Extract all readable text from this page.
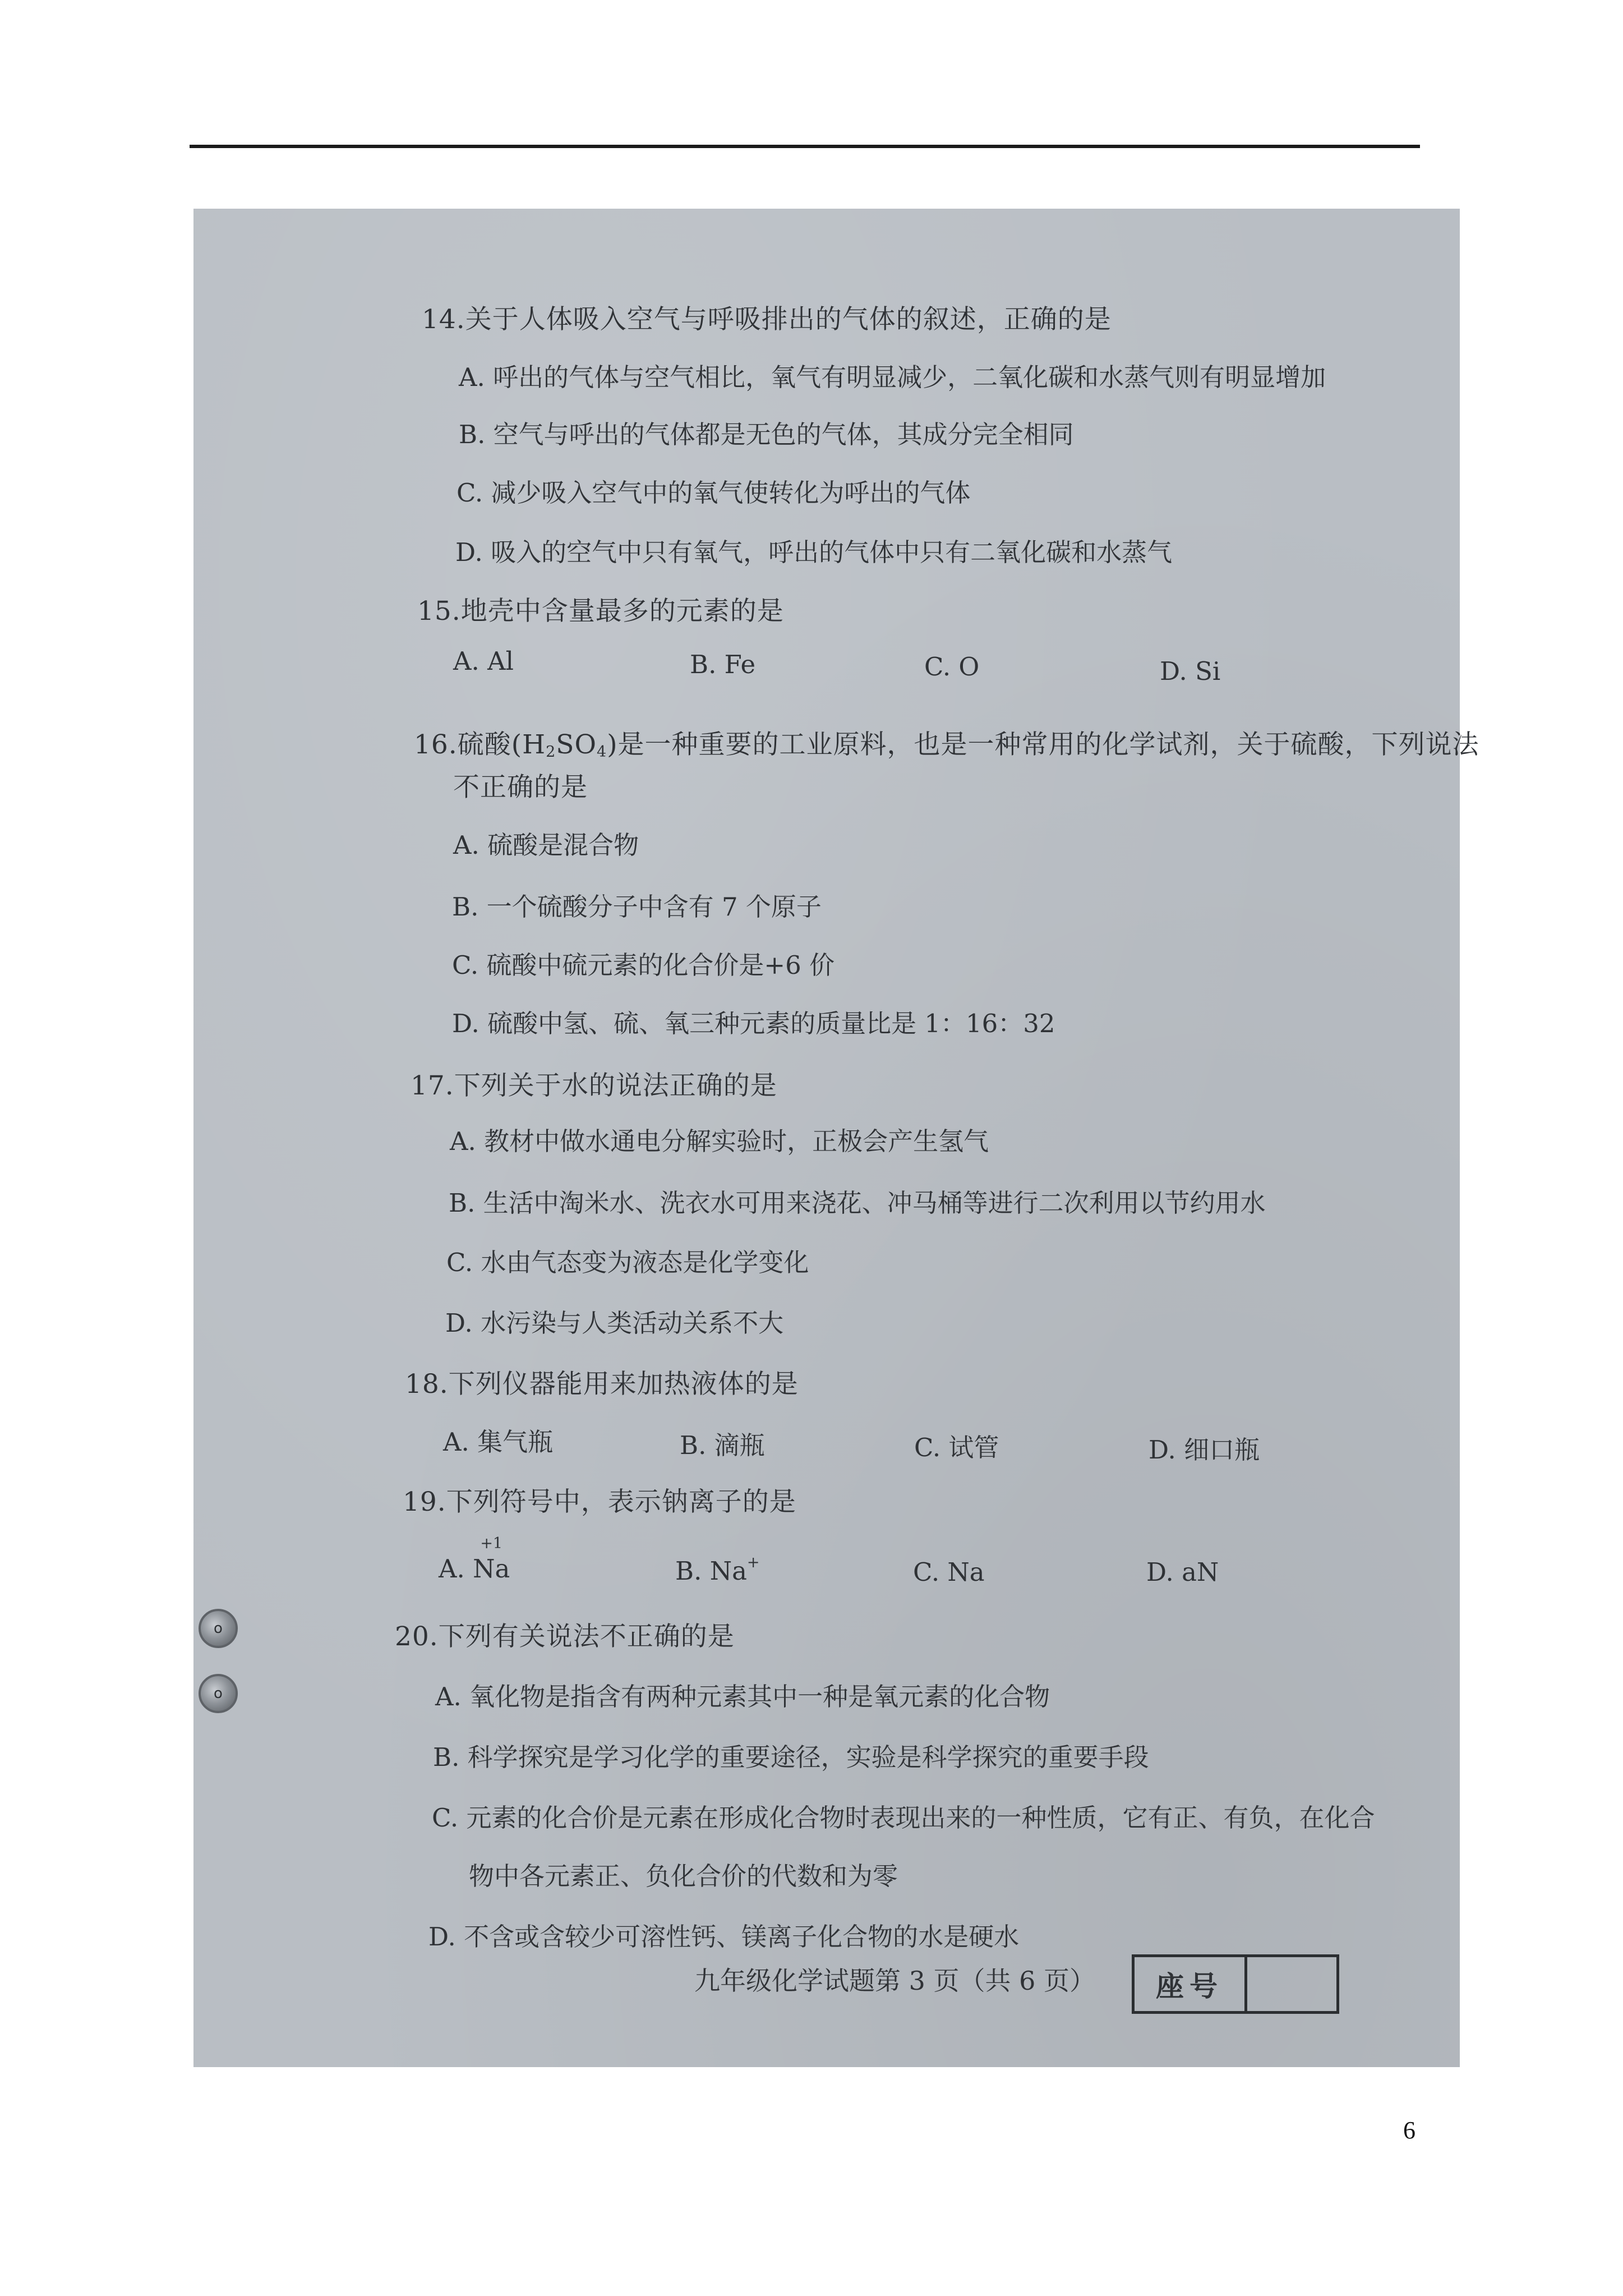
14.关于人体吸入空气与呼吸排出的气体的叙述，正确的是
A. 呼出的气体与空气相比，氧气有明显减少，二氧化碳和水蒸气则有明显增加
B. 空气与呼出的气体都是无色的气体，其成分完全相同
C. 减少吸入空气中的氧气使转化为呼出的气体
D. 吸入的空气中只有氧气，呼出的气体中只有二氧化碳和水蒸气
15.地壳中含量最多的元素的是
A. Al	B. Fe	C. O	D. Si
16.硫酸$(H_2SO_4)$是一种重要的工业原料，也是一种常用的化学试剂，关于硫酸，下列说法
不正确的是
A. 硫酸是混合物
B. 一个硫酸分子中含有 7 个原子
C. 硫酸中硫元素的化合价是+6 价
D. 硫酸中氢、硫、氧三种元素的质量比是 1：16：32
17.下列关于水的说法正确的是
A. 教材中做水通电分解实验时，正极会产生氢气
B. 生活中淘米水、洗衣水可用来浇花、冲马桶等进行二次利用以节约用水
C. 水由气态变为液态是化学变化
D. 水污染与人类活动关系不大
18.下列仪器能用来加热液体的是
A. 集气瓶	B. 滴瓶	C. 试管	D. 细口瓶
19.下列符号中，表示钠离子的是
A.
+1
Na	B. Na+	C. Na	D. aN
o
o
20.下列有关说法不正确的是
A. 氧化物是指含有两种元素其中一种是氧元素的化合物
B. 科学探究是学习化学的重要途径，实验是科学探究的重要手段
C. 元素的化合价是元素在形成化合物时表现出来的一种性质，它有正、有负，在化合
物中各元素正、负化合价的代数和为零
D. 不含或含较少可溶性钙、镁离子化合物的水是硬水
九年级化学试题第 3 页（共 6 页）	座号
6
